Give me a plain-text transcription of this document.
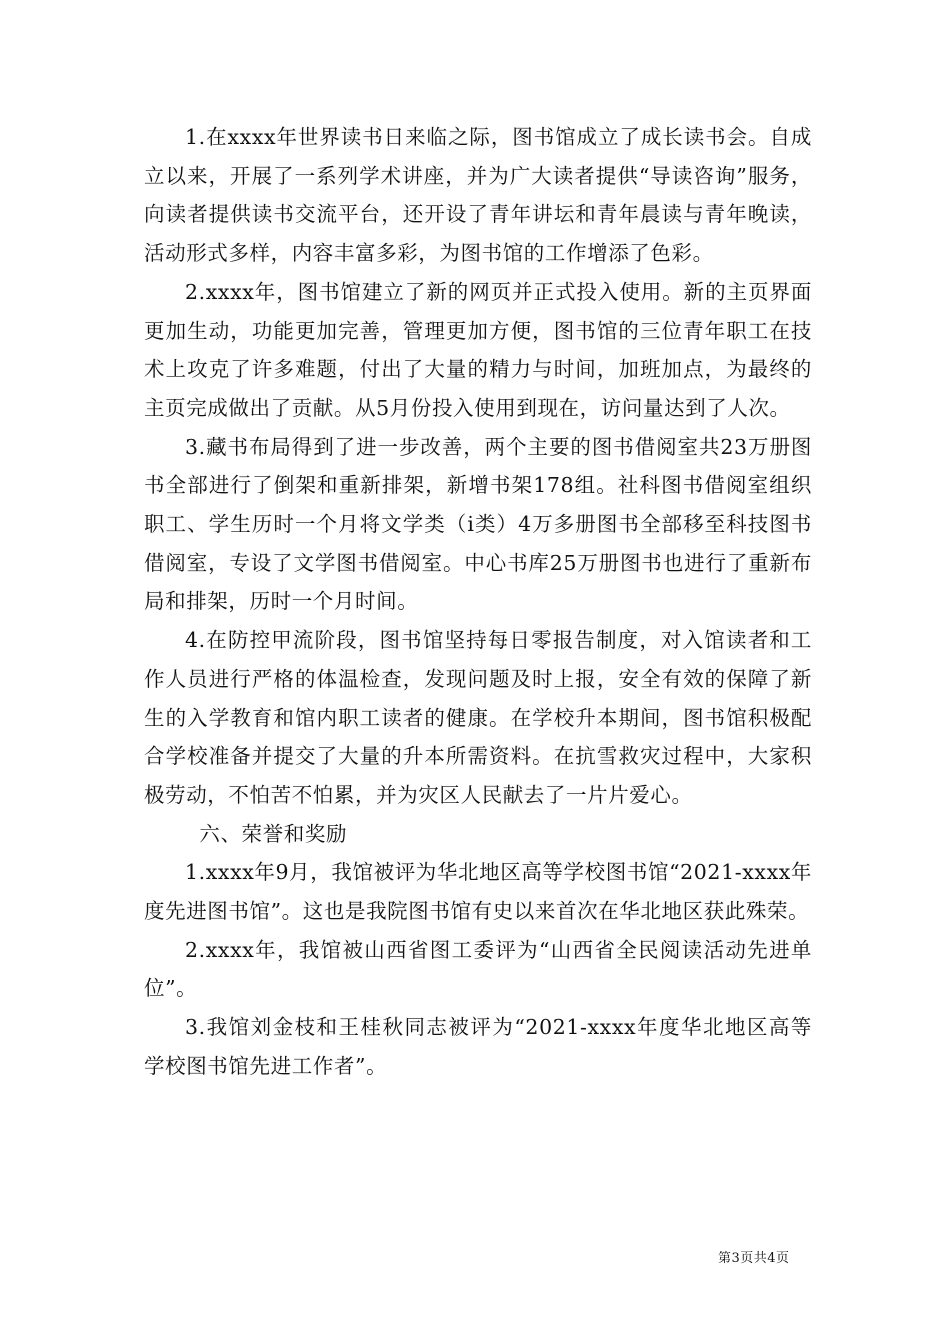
1.在xxxx年世界读书日来临之际，图书馆成立了成长读书会。自成立以来，开展了一系列学术讲座，并为广大读者提供“导读咨询”服务，向读者提供读书交流平台，还开设了青年讲坛和青年晨读与青年晚读，活动形式多样，内容丰富多彩，为图书馆的工作增添了色彩。

2.xxxx年，图书馆建立了新的网页并正式投入使用。新的主页界面更加生动，功能更加完善，管理更加方便，图书馆的三位青年职工在技术上攻克了许多难题，付出了大量的精力与时间，加班加点，为最终的主页完成做出了贡献。从5月份投入使用到现在，访问量达到了人次。

3.藏书布局得到了进一步改善，两个主要的图书借阅室共23万册图书全部进行了倒架和重新排架，新增书架178组。社科图书借阅室组织职工、学生历时一个月将文学类（i类）4万多册图书全部移至科技图书借阅室，专设了文学图书借阅室。中心书库25万册图书也进行了重新布局和排架，历时一个月时间。

4.在防控甲流阶段，图书馆坚持每日零报告制度，对入馆读者和工作人员进行严格的体温检查，发现问题及时上报，安全有效的保障了新生的入学教育和馆内职工读者的健康。在学校升本期间，图书馆积极配合学校准备并提交了大量的升本所需资料。在抗雪救灾过程中，大家积极劳动，不怕苦不怕累，并为灾区人民献去了一片片爱心。

六、荣誉和奖励

1.xxxx年9月，我馆被评为华北地区高等学校图书馆“2021-xxxx年度先进图书馆”。这也是我院图书馆有史以来首次在华北地区获此殊荣。

2.xxxx年，我馆被山西省图工委评为“山西省全民阅读活动先进单位”。

3.我馆刘金枝和王桂秋同志被评为“2021-xxxx年度华北地区高等学校图书馆先进工作者”。

第3页共4页
